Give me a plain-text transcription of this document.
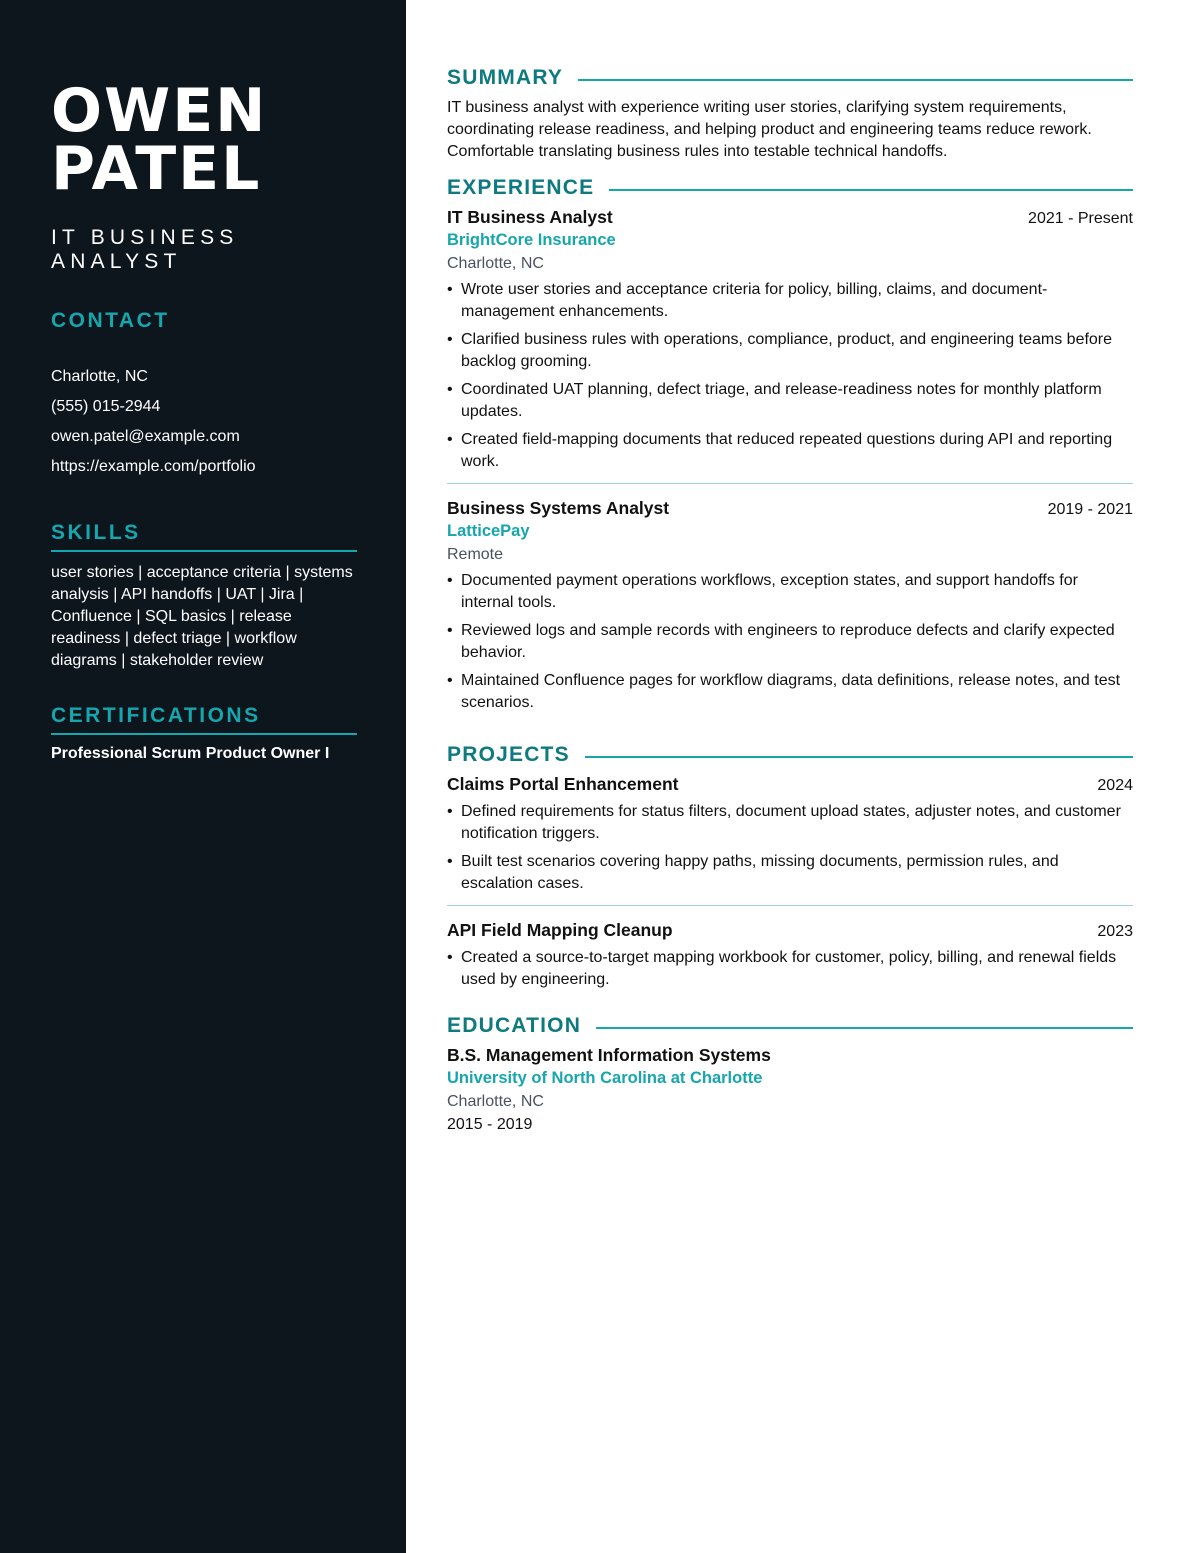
OWEN
PATEL
IT BUSINESS ANALYST
CONTACT
Charlotte, NC
(555) 015-2944
owen.patel@example.com
https://example.com/portfolio
SKILLS
user stories | acceptance criteria | systems analysis | API handoffs | UAT | Jira | Confluence | SQL basics | release readiness | defect triage | workflow diagrams | stakeholder review
CERTIFICATIONS
Professional Scrum Product Owner I
SUMMARY
IT business analyst with experience writing user stories, clarifying system requirements, coordinating release readiness, and helping product and engineering teams reduce rework. Comfortable translating business rules into testable technical handoffs.
EXPERIENCE
IT Business Analyst	2021 - Present
BrightCore Insurance
Charlotte, NC
• Wrote user stories and acceptance criteria for policy, billing, claims, and document-management enhancements.
• Clarified business rules with operations, compliance, product, and engineering teams before backlog grooming.
• Coordinated UAT planning, defect triage, and release-readiness notes for monthly platform updates.
• Created field-mapping documents that reduced repeated questions during API and reporting work.
Business Systems Analyst	2019 - 2021
LatticePay
Remote
• Documented payment operations workflows, exception states, and support handoffs for internal tools.
• Reviewed logs and sample records with engineers to reproduce defects and clarify expected behavior.
• Maintained Confluence pages for workflow diagrams, data definitions, release notes, and test scenarios.
PROJECTS
Claims Portal Enhancement	2024
• Defined requirements for status filters, document upload states, adjuster notes, and customer notification triggers.
• Built test scenarios covering happy paths, missing documents, permission rules, and escalation cases.
API Field Mapping Cleanup	2023
• Created a source-to-target mapping workbook for customer, policy, billing, and renewal fields used by engineering.
EDUCATION
B.S. Management Information Systems
University of North Carolina at Charlotte
Charlotte, NC
2015 - 2019
